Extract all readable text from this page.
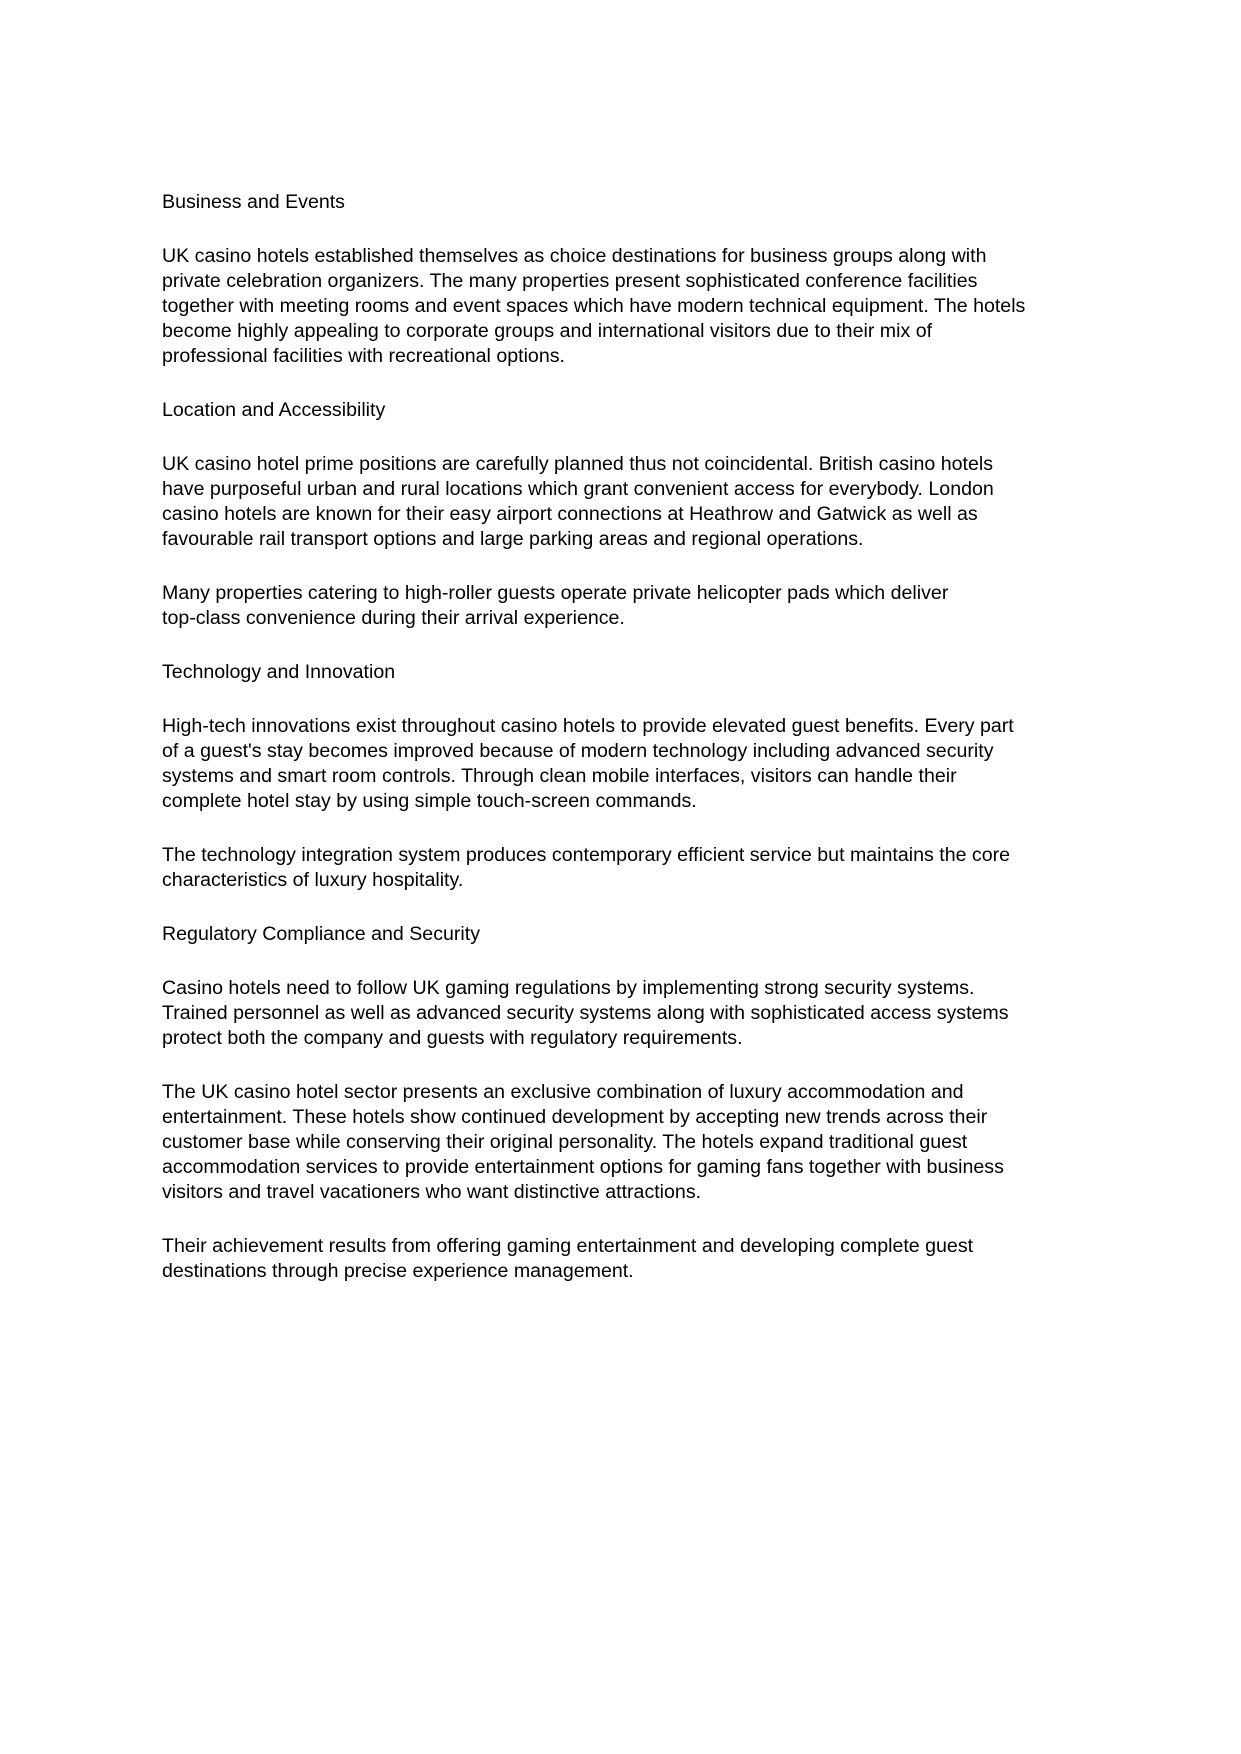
Business and Events

UK casino hotels established themselves as choice destinations for business groups along with
private celebration organizers. The many properties present sophisticated conference facilities
together with meeting rooms and event spaces which have modern technical equipment. The hotels
become highly appealing to corporate groups and international visitors due to their mix of
professional facilities with recreational options.

Location and Accessibility

UK casino hotel prime positions are carefully planned thus not coincidental. British casino hotels
have purposeful urban and rural locations which grant convenient access for everybody. London
casino hotels are known for their easy airport connections at Heathrow and Gatwick as well as
favourable rail transport options and large parking areas and regional operations.

Many properties catering to high-roller guests operate private helicopter pads which deliver
top-class convenience during their arrival experience.

Technology and Innovation

High-tech innovations exist throughout casino hotels to provide elevated guest benefits. Every part
of a guest's stay becomes improved because of modern technology including advanced security
systems and smart room controls. Through clean mobile interfaces, visitors can handle their
complete hotel stay by using simple touch-screen commands.

The technology integration system produces contemporary efficient service but maintains the core
characteristics of luxury hospitality.

Regulatory Compliance and Security

Casino hotels need to follow UK gaming regulations by implementing strong security systems.
Trained personnel as well as advanced security systems along with sophisticated access systems
protect both the company and guests with regulatory requirements.

The UK casino hotel sector presents an exclusive combination of luxury accommodation and
entertainment. These hotels show continued development by accepting new trends across their
customer base while conserving their original personality. The hotels expand traditional guest
accommodation services to provide entertainment options for gaming fans together with business
visitors and travel vacationers who want distinctive attractions.

Their achievement results from offering gaming entertainment and developing complete guest
destinations through precise experience management.
